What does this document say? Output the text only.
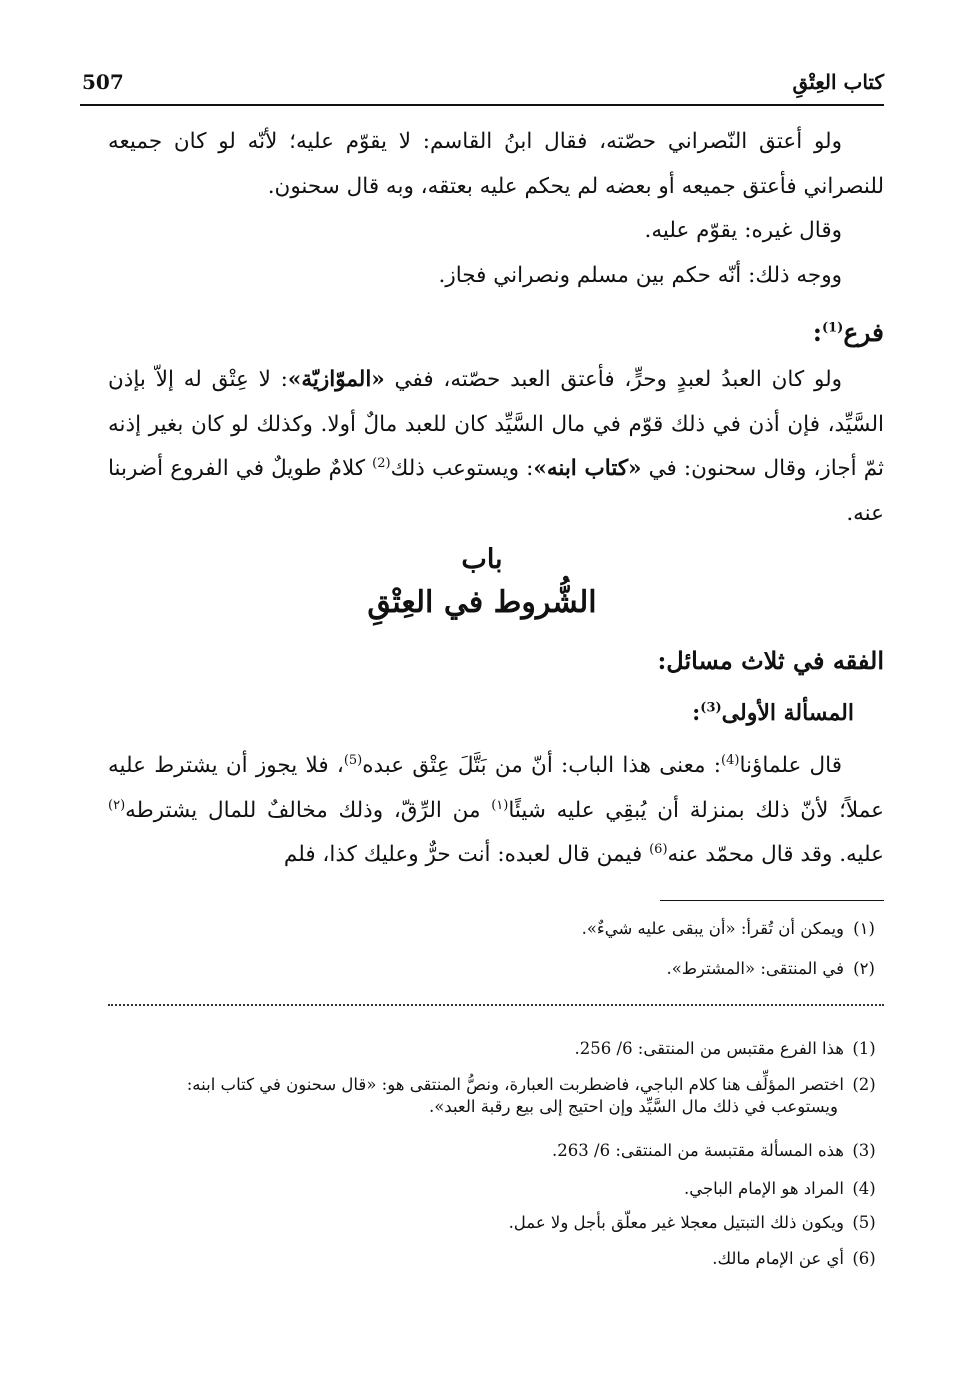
507	كتاب العِتْقِ

ولو أعتق النّصراني حصّته، فقال ابنُ القاسم: لا يقوّم عليه؛ لأنّه لو كان جميعه للنصراني فأعتق جميعه أو بعضه لم يحكم عليه بعتقه، وبه قال سحنون.

وقال غيره: يقوّم عليه.

ووجه ذلك: أنّه حكم بين مسلم ونصراني فجاز.

فرع$^{(1)}$:

ولو كان العبدُ لعبدٍ وحرٍّ، فأعتق العبد حصّته، ففي «الموّازيّة»: لا عِتْق له إلاّ بإذن السَّيِّد، فإن أذن في ذلك قوّم في مال السَّيِّد كان للعبد مالٌ أولا. وكذلك لو كان بغير إذنه ثمّ أجاز، وقال سحنون: في «كتاب ابنه»: ويستوعب ذلك$^{(2)}$ كلامٌ طويلٌ في الفروع أضربنا عنه.

باب
الشُّروط في العِتْقِ
الفقه في ثلاث مسائل:
المسألة الأولى$^{(3)}$:

قال علماؤنا$^{(4)}$: معنى هذا الباب: أنّ من بَتَّلَ عِتْق عبده$^{(5)}$، فلا يجوز أن يشترط عليه عملاً؛ لأنّ ذلك بمنزلة أن يُبقِي عليه شيئًا$^{(١)}$ من الرِّقّ، وذلك مخالفٌ للمال يشترطه$^{(٢)}$ عليه. وقد قال محمّد عنه$^{(6)}$ فيمن قال لعبده: أنت حرٌّ وعليك كذا، فلم

(١)ويمكن أن تُقرأ: «أن يبقى عليه شيءٌ».
(٢)في المنتقى: «المشترط».
(1)هذا الفرع مقتبس من المنتقى: 6/ 256.
(2)اختصر المؤلِّف هنا كلام الباجي، فاضطربت العبارة، ونصُّ المنتقى هو: «قال سحنون في كتاب ابنه:
ويستوعب في ذلك مال السَّيِّد وإن احتيج إلى بيع رقبة العبد».
(3)هذه المسألة مقتبسة من المنتقى: 6/ 263.
(4)المراد هو الإمام الباجي.
(5)ويكون ذلك التبتيل معجلا غير معلّق بأجل ولا عمل.
(6)أي عن الإمام مالك.
